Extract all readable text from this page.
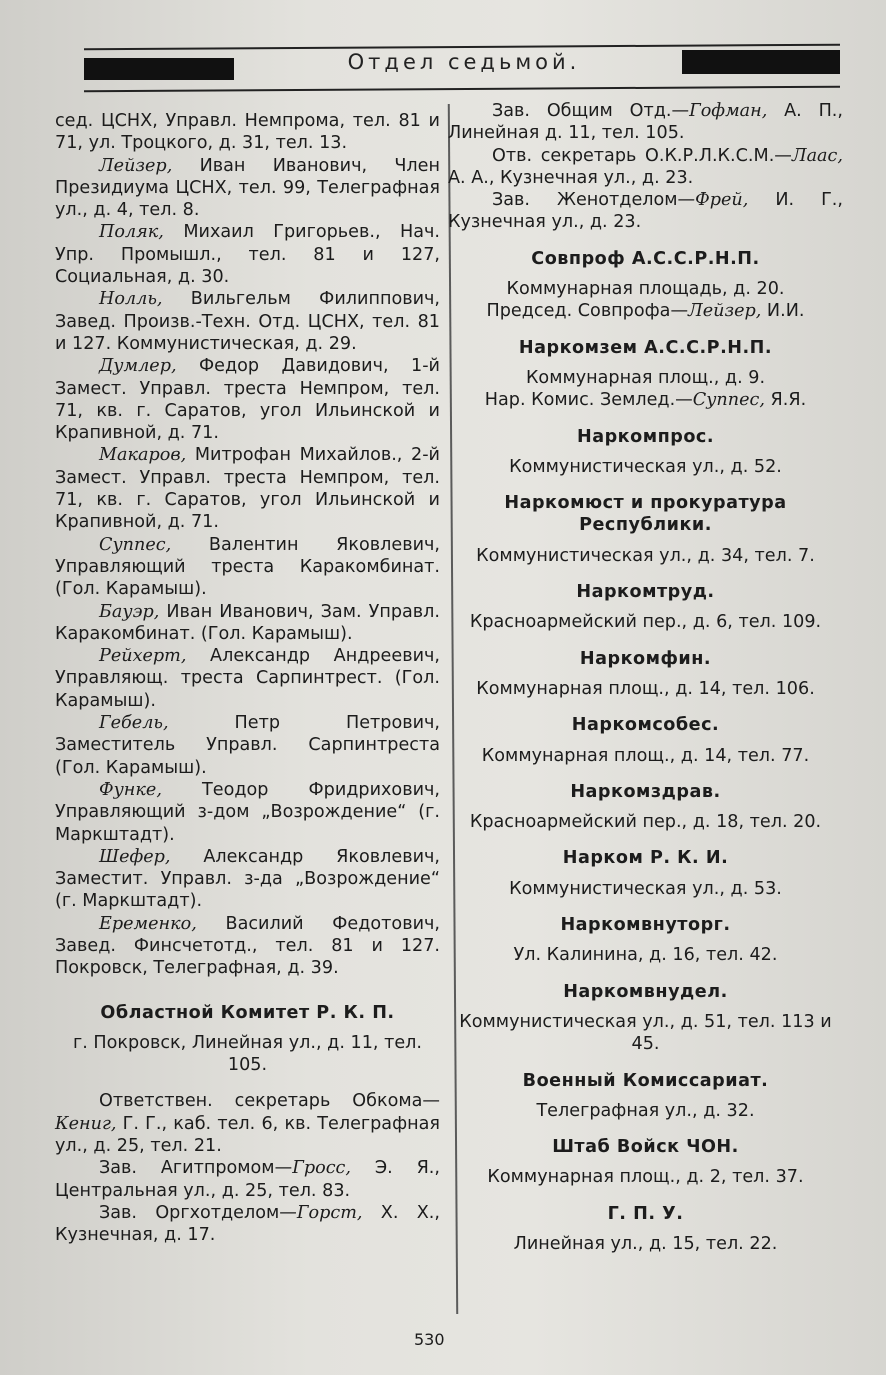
Отдел седьмой.

сед. ЦСНХ, Управл. Немпрома, тел. 81 и 71, ул. Троцкого, д. 31, тел. 13.

Лейзер, Иван Иванович, Член Президиума ЦСНХ, тел. 99, Телеграфная ул., д. 4, тел. 8.

Поляк, Михаил Григорьев., Нач. Упр. Промышл., тел. 81 и 127, Социальная, д. 30.

Нолль, Вильгельм Филиппович, Завед. Произв.-Техн. Отд. ЦСНХ, тел. 81 и 127. Коммунистическая, д. 29.

Думлер, Федор Давидович, 1-й Замест. Управл. треста Немпром, тел. 71, кв. г. Саратов, угол Ильинской и Крапивной, д. 71.

Макаров, Митрофан Михайлов., 2-й Замест. Управл. треста Немпром, тел. 71, кв. г. Саратов, угол Ильинской и Крапивной, д. 71.

Суппес, Валентин Яковлевич, Управляющий треста Каракомбинат. (Гол. Карамыш).

Бауэр, Иван Иванович, Зам. Управл. Каракомбинат. (Гол. Карамыш).

Рейхерт, Александр Андреевич, Управляющ. треста Сарпинтрест. (Гол. Карамыш).

Гебель, Петр Петрович, Заместитель Управл. Сарпинтреста (Гол. Карамыш).

Функе, Теодор Фридрихович, Управляющий з-дом „Возрождение“ (г. Маркштадт).

Шефер, Александр Яковлевич, Заместит. Управл. з-да „Возрождение“ (г. Маркштадт).

Еременко, Василий Федотович, Завед. Финсчетотд., тел. 81 и 127. Покровск, Телеграфная, д. 39.

Областной Комитет Р. К. П.

г. Покровск, Линейная ул., д. 11, тел. 105.

Ответствен. секретарь Обкома—Кениг, Г. Г., каб. тел. 6, кв. Телеграфная ул., д. 25, тел. 21.

Зав. Агитпромом—Гросс, Э. Я., Центральная ул., д. 25, тел. 83.

Зав. Оргхотделом—Горст, Х. Х., Кузнечная, д. 17.

Зав. Общим Отд.—Гофман, А. П., Линейная д. 11, тел. 105.

Отв. секретарь О.К.Р.Л.К.С.М.—Лаас, А. А., Кузнечная ул., д. 23.

Зав. Женотделом—Фрей, И. Г., Кузнечная ул., д. 23.

Совпроф А.С.С.Р.Н.П.

Коммунарная площадь, д. 20.

Председ. Совпрофа—Лейзер, И.И.

Наркомзем А.С.С.Р.Н.П.

Коммунарная площ., д. 9.

Нар. Комис. Землед.—Суппес, Я.Я.

Наркомпрос.

Коммунистическая ул., д. 52.

Наркомюст и прокуратура Республики.

Коммунистическая ул., д. 34, тел. 7.

Наркомтруд.

Красноармейский пер., д. 6, тел. 109.

Наркомфин.

Коммунарная площ., д. 14, тел. 106.

Наркомсобес.

Коммунарная площ., д. 14, тел. 77.

Наркомздрав.

Красноармейский пер., д. 18, тел. 20.

Нарком Р. К. И.

Коммунистическая ул., д. 53.

Наркомвнуторг.

Ул. Калинина, д. 16, тел. 42.

Наркомвнудел.

Коммунистическая ул., д. 51, тел. 113 и 45.

Военный Комиссариат.

Телеграфная ул., д. 32.

Штаб Войск ЧОН.

Коммунарная площ., д. 2, тел. 37.

Г. П. У.

Линейная ул., д. 15, тел. 22.

530
